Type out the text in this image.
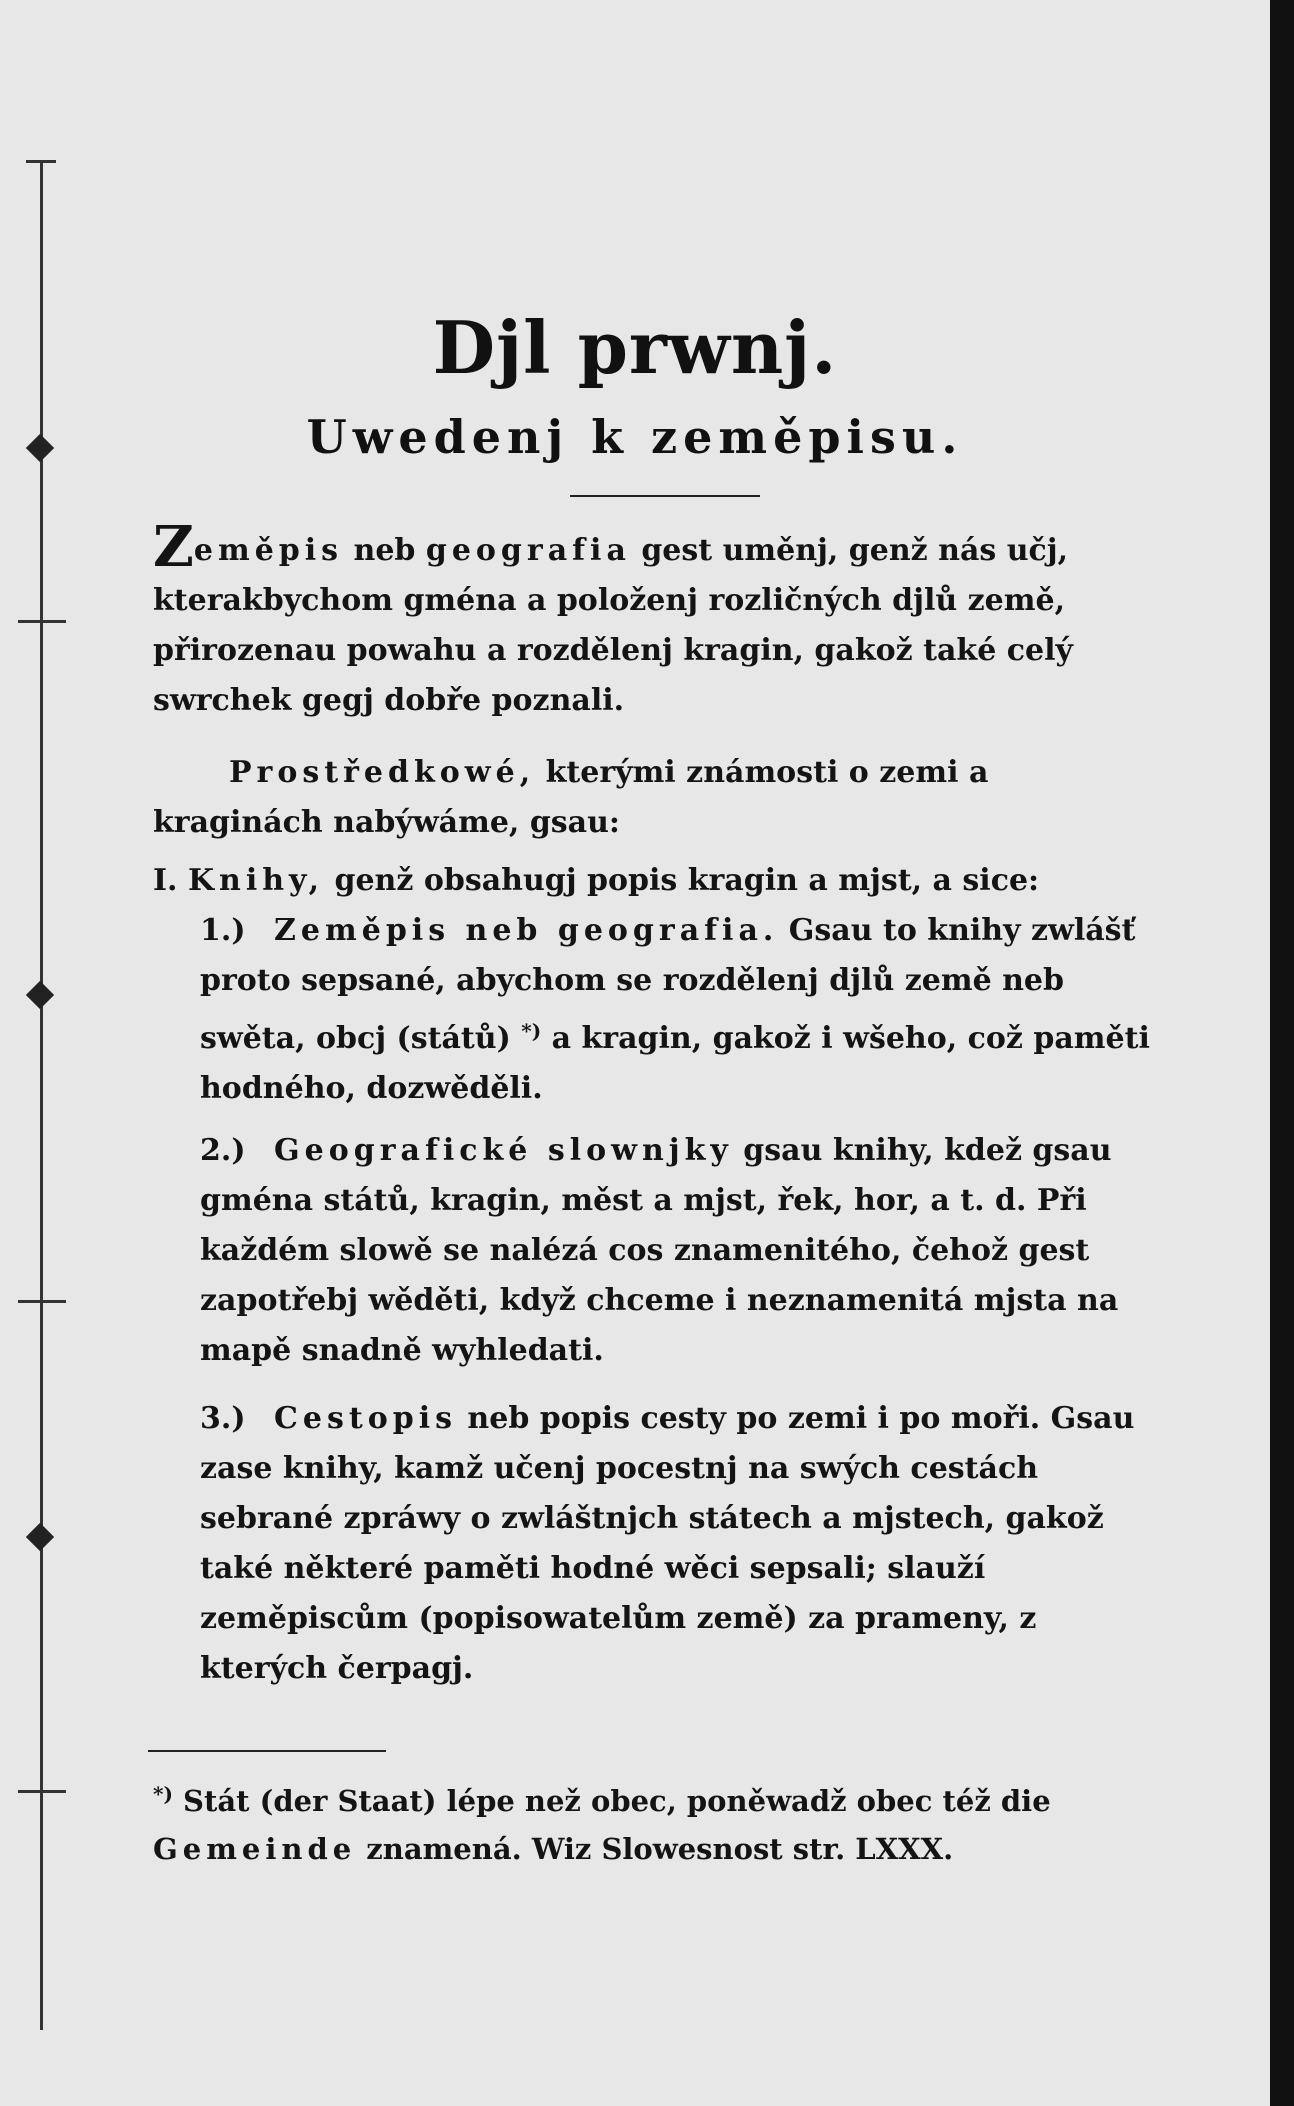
Djl prwnj.
Uwedenj k zeměpisu.
Zeměpis neb geografia gest uměnj, genž nás učj, kterakbychom gména a položenj rozličných djlů země, přirozenau powahu a rozdělenj kragin, gakož také celý swrchek gegj dobře poznali.
Prostředkowé, kterými známosti o zemi a kraginách nabýwáme, gsau:
I. Knihy, genž obsahugj popis kragin a mjst, a sice:
1.) Zeměpis neb geografia. Gsau to knihy zwlášť proto sepsané, abychom se rozdělenj djlů země neb swěta, obcj (států) *) a kragin, gakož i wšeho, což paměti hodného, dozwěděli.
2.) Geografické slownjky gsau knihy, kdež gsau gména států, kragin, měst a mjst, řek, hor, a t. d. Při každém slowě se nalézá cos znamenitého, čehož gest zapotřebj wěděti, když chceme i neznamenitá mjsta na mapě snadně wyhledati.
3.) Cestopis neb popis cesty po zemi i po moři. Gsau zase knihy, kamž učenj pocestnj na swých cestách sebrané zpráwy o zwláštnjch státech a mjstech, gakož také některé paměti hodné wěci sepsali; slauží zeměpiscům (popisowatelům země) za prameny, z kterých čerpagj.
*) Stát (der Staat) lépe než obec, poněwadž obec též die Gemeinde znamená. Wiz Slowesnost str. LXXX.
